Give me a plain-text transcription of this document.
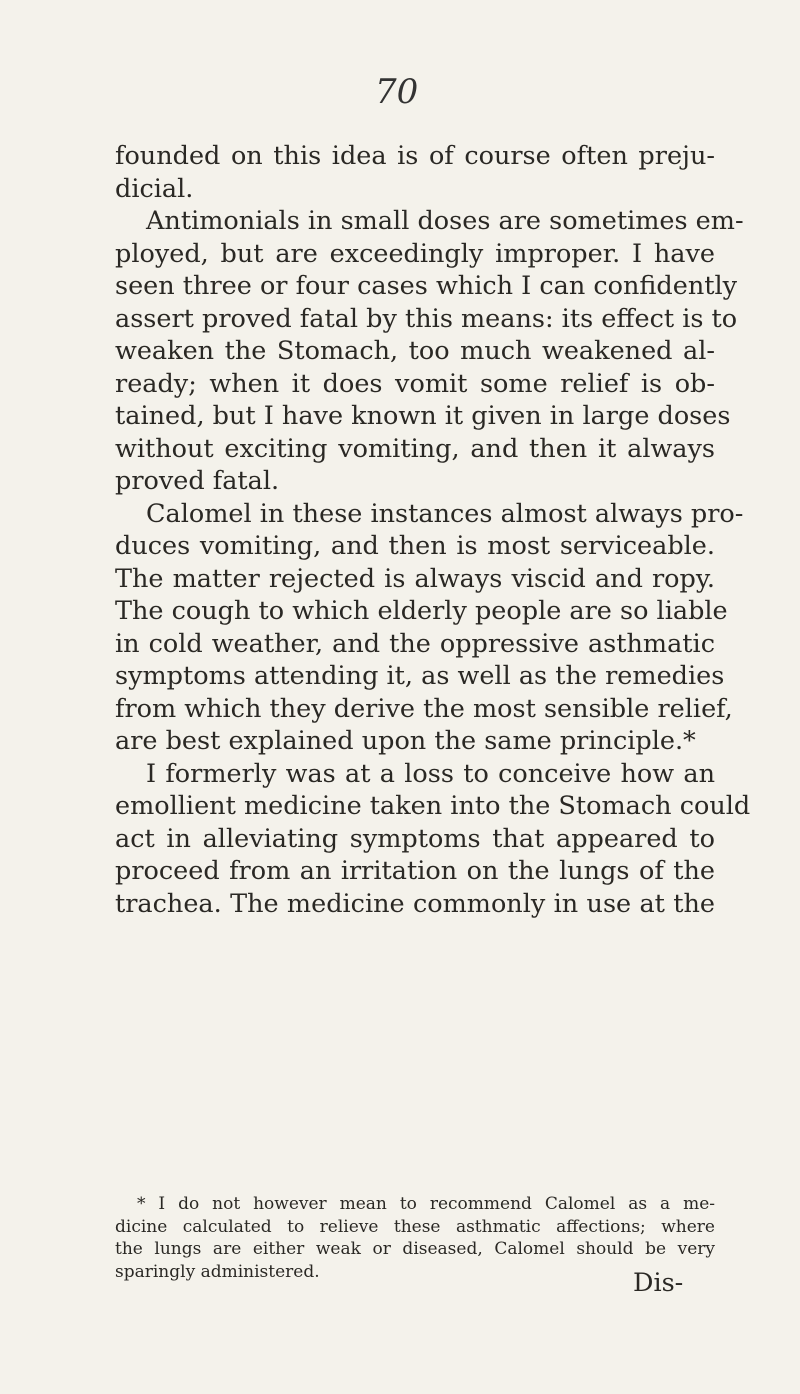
70
founded on this idea is of course often preju-
dicial.
Antimonials in small doses are sometimes em-
ployed, but are exceedingly improper. I have
seen three or four cases which I can confidently
assert proved fatal by this means: its effect is to
weaken the Stomach, too much weakened al-
ready; when it does vomit some relief is ob-
tained, but I have known it given in large doses
without exciting vomiting, and then it always
proved fatal.
Calomel in these instances almost always pro-
duces vomiting, and then is most serviceable.
The matter rejected is always viscid and ropy.
The cough to which elderly people are so liable
in cold weather, and the oppressive asthmatic
symptoms attending it, as well as the remedies
from which they derive the most sensible relief,
are best explained upon the same principle.*
I formerly was at a loss to conceive how an
emollient medicine taken into the Stomach could
act in alleviating symptoms that appeared to
proceed from an irritation on the lungs of the
trachea. The medicine commonly in use at the
* I do not however mean to recommend Calomel as a me-
dicine calculated to relieve these asthmatic affections; where
the lungs are either weak or diseased, Calomel should be very
sparingly administered.	Dis-
